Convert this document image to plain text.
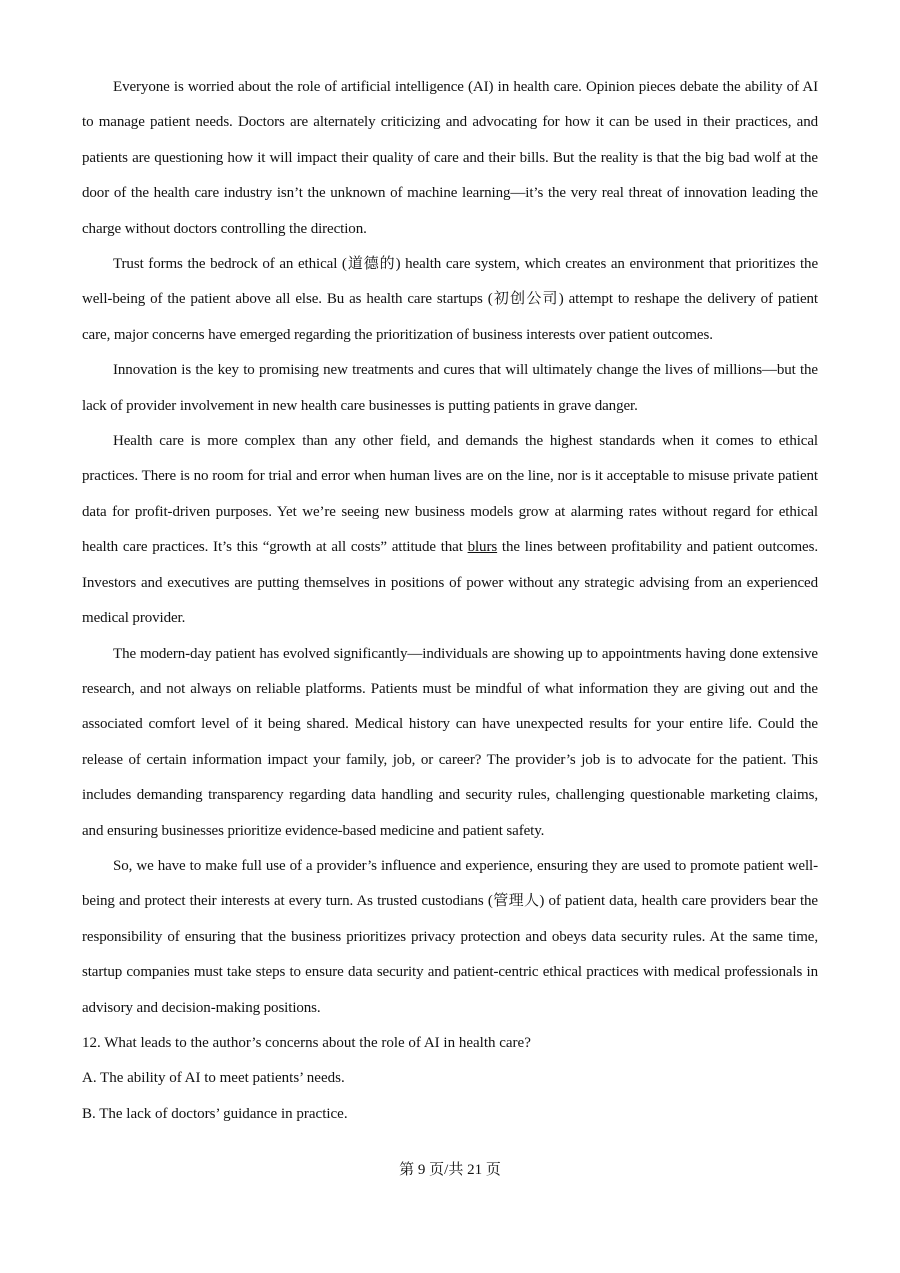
Everyone is worried about the role of artificial intelligence (AI) in health care. Opinion pieces debate the ability of AI to manage patient needs. Doctors are alternately criticizing and advocating for how it can be used in their practices, and patients are questioning how it will impact their quality of care and their bills. But the reality is that the big bad wolf at the door of the health care industry isn’t the unknown of machine learning—it’s the very real threat of innovation leading the charge without doctors controlling the direction.

Trust forms the bedrock of an ethical (道德的) health care system, which creates an environment that prioritizes the well-being of the patient above all else. Bu as health care startups (初创公司) attempt to reshape the delivery of patient care, major concerns have emerged regarding the prioritization of business interests over patient outcomes.

Innovation is the key to promising new treatments and cures that will ultimately change the lives of millions—but the lack of provider involvement in new health care businesses is putting patients in grave danger.

Health care is more complex than any other field, and demands the highest standards when it comes to ethical practices. There is no room for trial and error when human lives are on the line, nor is it acceptable to misuse private patient data for profit-driven purposes. Yet we’re seeing new business models grow at alarming rates without regard for ethical health care practices. It’s this “growth at all costs” attitude that blurs the lines between profitability and patient outcomes. Investors and executives are putting themselves in positions of power without any strategic advising from an experienced medical provider.

The modern-day patient has evolved significantly—individuals are showing up to appointments having done extensive research, and not always on reliable platforms. Patients must be mindful of what information they are giving out and the associated comfort level of it being shared. Medical history can have unexpected results for your entire life. Could the release of certain information impact your family, job, or career? The provider’s job is to advocate for the patient. This includes demanding transparency regarding data handling and security rules, challenging questionable marketing claims, and ensuring businesses prioritize evidence-based medicine and patient safety.

So, we have to make full use of a provider’s influence and experience, ensuring they are used to promote patient well-being and protect their interests at every turn. As trusted custodians (管理人) of patient data, health care providers bear the responsibility of ensuring that the business prioritizes privacy protection and obeys data security rules. At the same time, startup companies must take steps to ensure data security and patient-centric ethical practices with medical professionals in advisory and decision-making positions.

12. What leads to the author’s concerns about the role of AI in health care?

A. The ability of AI to meet patients’ needs.

B. The lack of doctors’ guidance in practice.

第 9 页/共 21 页
